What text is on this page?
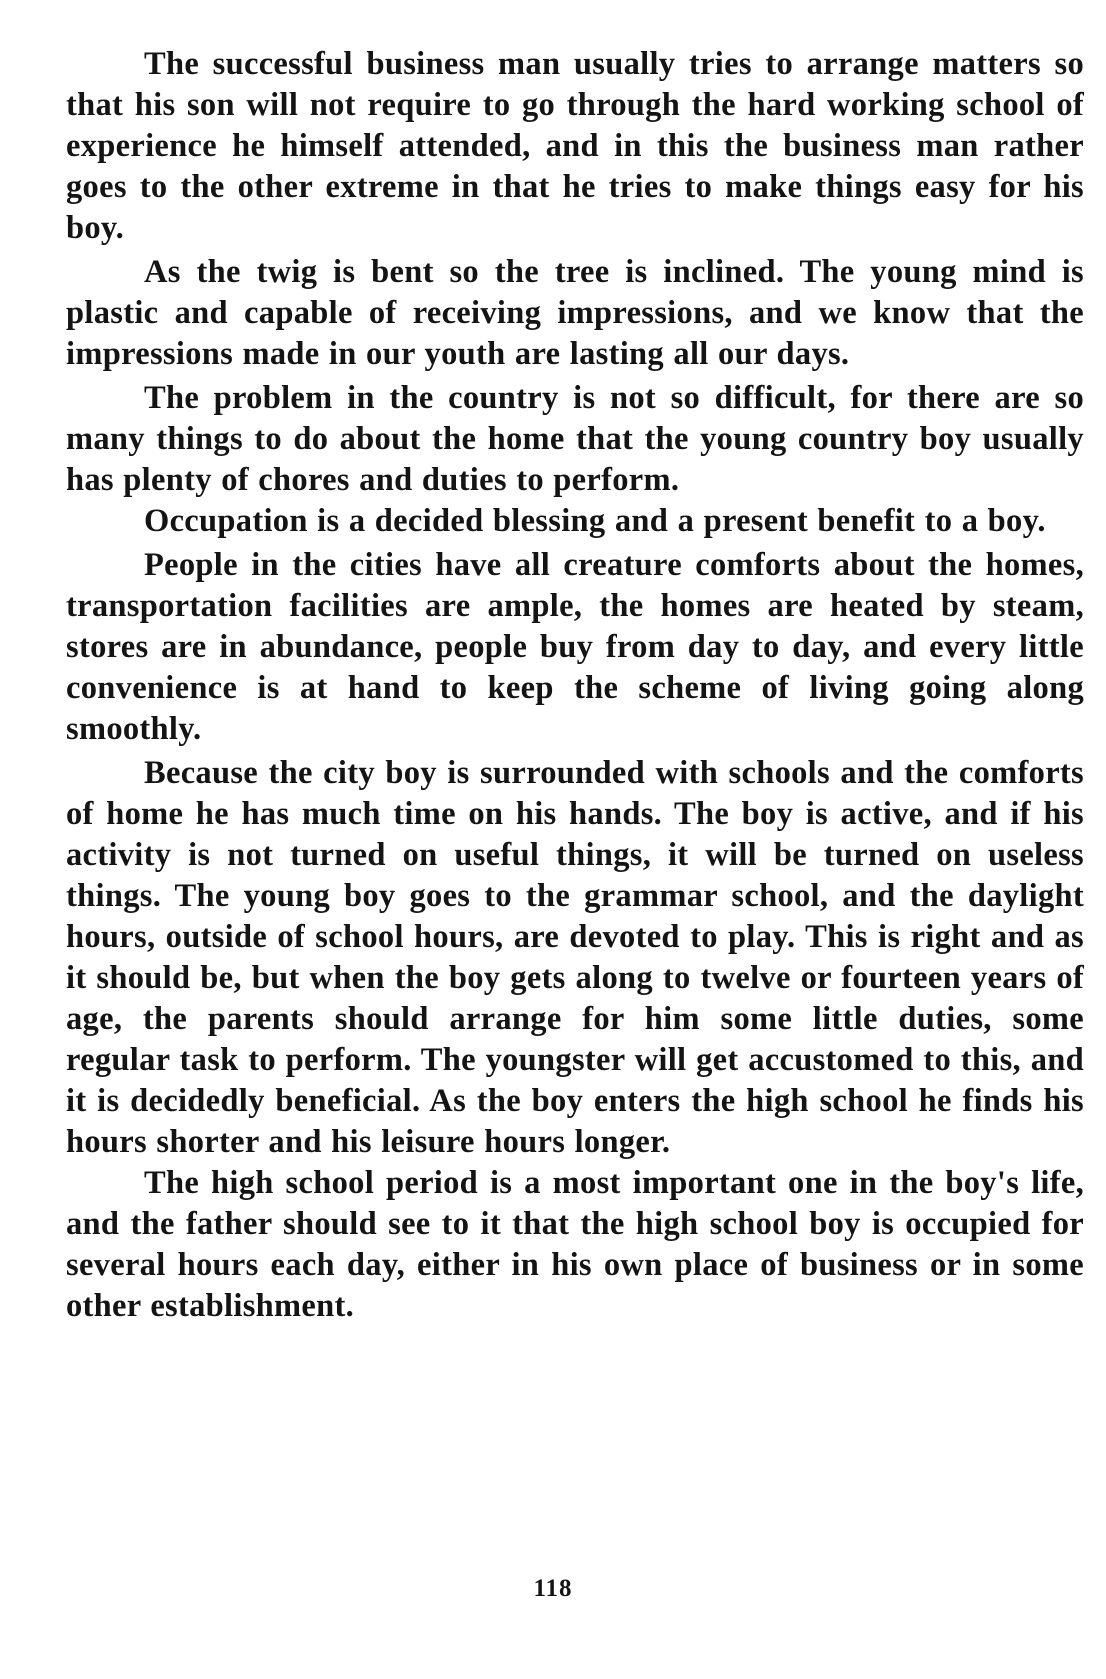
The successful business man usually tries to arrange matters so that his son will not require to go through the hard working school of experience he himself attended, and in this the business man rather goes to the other extreme in that he tries to make things easy for his boy.

As the twig is bent so the tree is inclined. The young mind is plastic and capable of receiving impressions, and we know that the impressions made in our youth are lasting all our days.

The problem in the country is not so difficult, for there are so many things to do about the home that the young country boy usually has plenty of chores and duties to perform.

Occupation is a decided blessing and a present benefit to a boy.

People in the cities have all creature comforts about the homes, transportation facilities are ample, the homes are heated by steam, stores are in abundance, people buy from day to day, and every little convenience is at hand to keep the scheme of living going along smoothly.

Because the city boy is surrounded with schools and the comforts of home he has much time on his hands. The boy is active, and if his activity is not turned on useful things, it will be turned on useless things. The young boy goes to the grammar school, and the daylight hours, outside of school hours, are devoted to play. This is right and as it should be, but when the boy gets along to twelve or fourteen years of age, the parents should arrange for him some little duties, some regular task to perform. The youngster will get accustomed to this, and it is decidedly beneficial. As the boy enters the high school he finds his hours shorter and his leisure hours longer.

The high school period is a most important one in the boy's life, and the father should see to it that the high school boy is occupied for several hours each day, either in his own place of business or in some other establishment.

118
